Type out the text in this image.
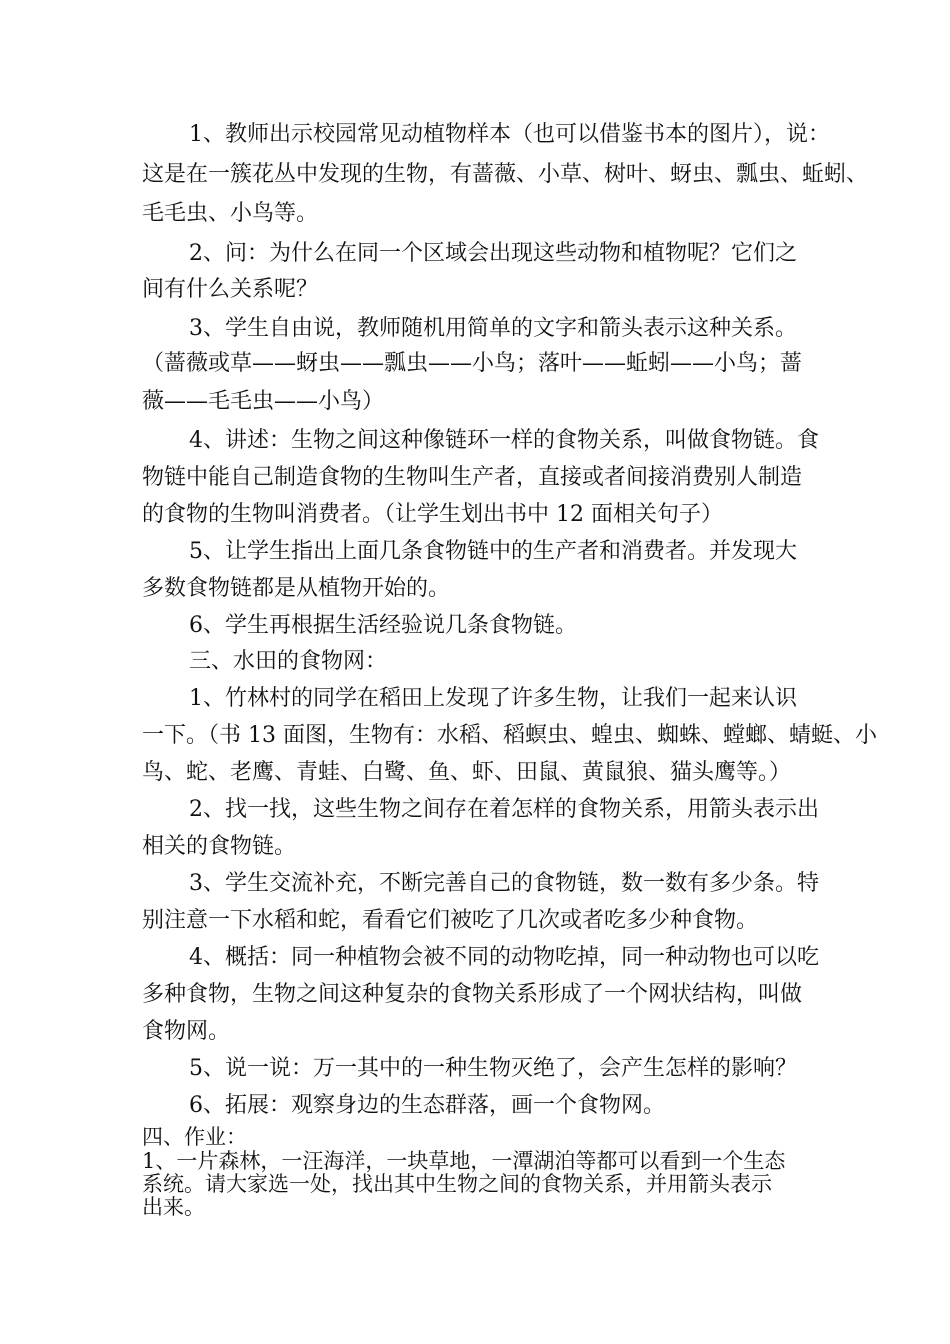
1、教师出示校园常见动植物样本（也可以借鉴书本的图片），说：
这是在一簇花丛中发现的生物，有蔷薇、小草、树叶、蚜虫、瓢虫、蚯蚓、
毛毛虫、小鸟等。
2、问：为什么在同一个区域会出现这些动物和植物呢？它们之
间有什么关系呢？
3、学生自由说，教师随机用简单的文字和箭头表示这种关系。
（蔷薇或草——蚜虫——瓢虫——小鸟；落叶——蚯蚓——小鸟；蔷
薇——毛毛虫——小鸟）
4、讲述：生物之间这种像链环一样的食物关系，叫做食物链。食
物链中能自己制造食物的生物叫生产者，直接或者间接消费别人制造
的食物的生物叫消费者。（让学生划出书中 12 面相关句子）
5、让学生指出上面几条食物链中的生产者和消费者。并发现大
多数食物链都是从植物开始的。
6、学生再根据生活经验说几条食物链。
三、水田的食物网：
1、竹林村的同学在稻田上发现了许多生物，让我们一起来认识
一下。（书 13 面图，生物有：水稻、稻螟虫、蝗虫、蜘蛛、螳螂、蜻蜓、小
鸟、蛇、老鹰、青蛙、白鹭、鱼、虾、田鼠、黄鼠狼、猫头鹰等。）
2、找一找，这些生物之间存在着怎样的食物关系，用箭头表示出
相关的食物链。
3、学生交流补充，不断完善自己的食物链，数一数有多少条。特
别注意一下水稻和蛇，看看它们被吃了几次或者吃多少种食物。
4、概括：同一种植物会被不同的动物吃掉，同一种动物也可以吃
多种食物，生物之间这种复杂的食物关系形成了一个网状结构，叫做
食物网。
5、说一说：万一其中的一种生物灭绝了，会产生怎样的影响？
6、拓展：观察身边的生态群落，画一个食物网。
四、作业：
1、一片森林，一汪海洋，一块草地，一潭湖泊等都可以看到一个生态
系统。请大家选一处，找出其中生物之间的食物关系，并用箭头表示
出来。
